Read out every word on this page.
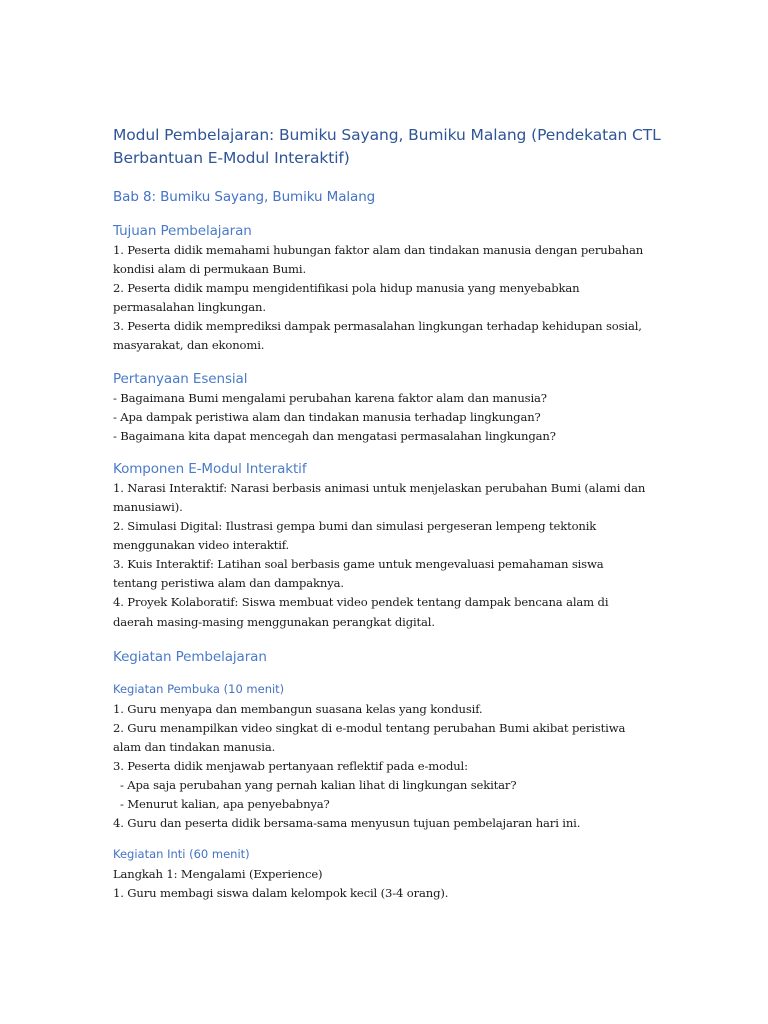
Modul Pembelajaran: Bumiku Sayang, Bumiku Malang (Pendekatan CTL
Berbantuan E-Modul Interaktif)
Bab 8: Bumiku Sayang, Bumiku Malang
Tujuan Pembelajaran

1. Peserta didik memahami hubungan faktor alam dan tindakan manusia dengan perubahan

kondisi alam di permukaan Bumi.

2. Peserta didik mampu mengidentifikasi pola hidup manusia yang menyebabkan

permasalahan lingkungan.

3. Peserta didik memprediksi dampak permasalahan lingkungan terhadap kehidupan sosial,

masyarakat, dan ekonomi.

Pertanyaan Esensial

- Bagaimana Bumi mengalami perubahan karena faktor alam dan manusia?

- Apa dampak peristiwa alam dan tindakan manusia terhadap lingkungan?

- Bagaimana kita dapat mencegah dan mengatasi permasalahan lingkungan?

Komponen E-Modul Interaktif

1. Narasi Interaktif: Narasi berbasis animasi untuk menjelaskan perubahan Bumi (alami dan

manusiawi).

2. Simulasi Digital: Ilustrasi gempa bumi dan simulasi pergeseran lempeng tektonik

menggunakan video interaktif.

3. Kuis Interaktif: Latihan soal berbasis game untuk mengevaluasi pemahaman siswa

tentang peristiwa alam dan dampaknya.

4. Proyek Kolaboratif: Siswa membuat video pendek tentang dampak bencana alam di

daerah masing-masing menggunakan perangkat digital.

Kegiatan Pembelajaran
Kegiatan Pembuka (10 menit)

1. Guru menyapa dan membangun suasana kelas yang kondusif.

2. Guru menampilkan video singkat di e-modul tentang perubahan Bumi akibat peristiwa

alam dan tindakan manusia.

3. Peserta didik menjawab pertanyaan reflektif pada e-modul:

- Apa saja perubahan yang pernah kalian lihat di lingkungan sekitar?

- Menurut kalian, apa penyebabnya?

4. Guru dan peserta didik bersama-sama menyusun tujuan pembelajaran hari ini.

Kegiatan Inti (60 menit)

Langkah 1: Mengalami (Experience)

1. Guru membagi siswa dalam kelompok kecil (3-4 orang).
